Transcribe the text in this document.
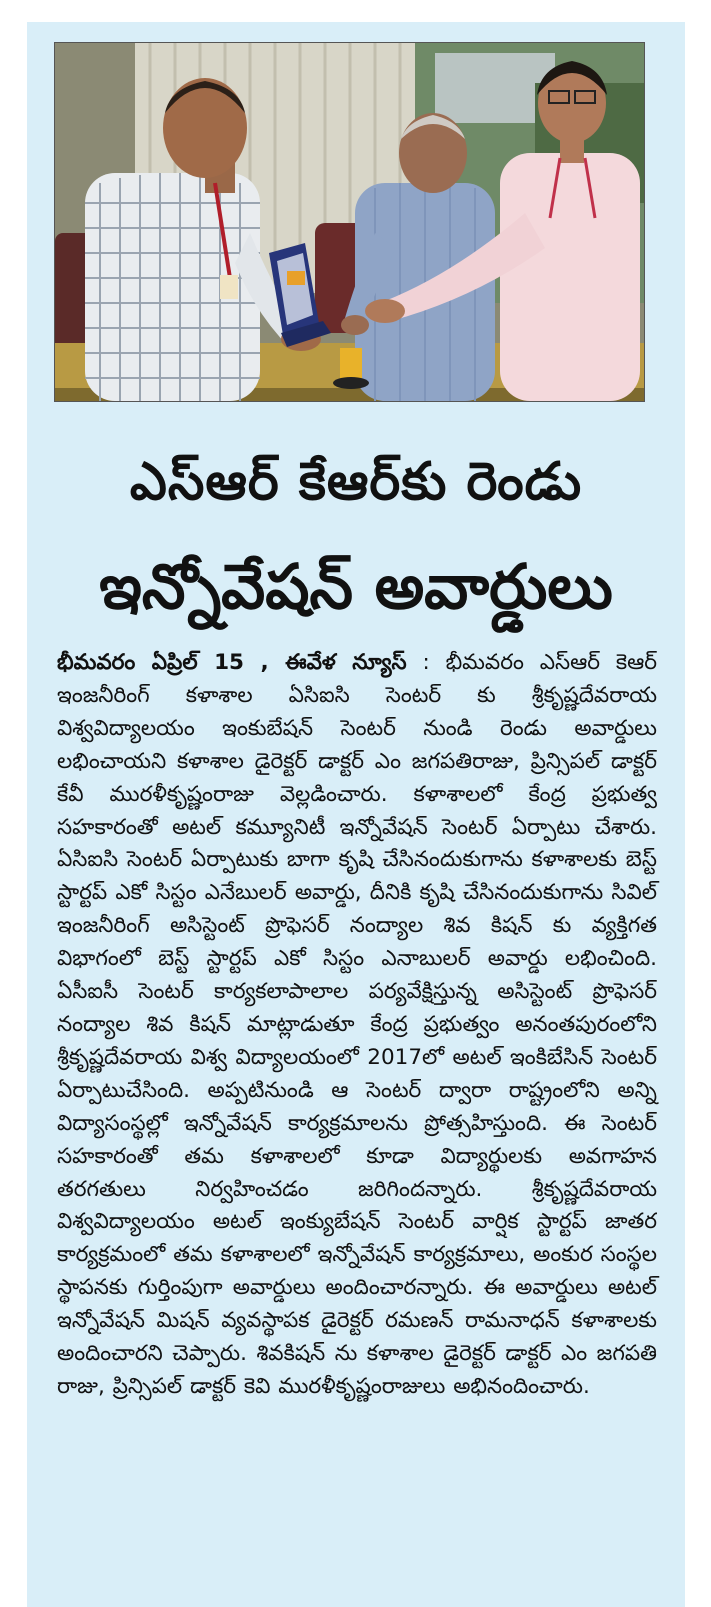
ఎస్‌ఆర్ కేఆర్‌కు రెండు
ఇన్నోవేషన్ అవార్డులు
భీమవరం ఏప్రిల్ 15 , ఈవేళ న్యూస్ : భీమవరం ఎస్ఆర్ కెఆర్ ఇంజనీరింగ్ కళాశాల ఏసిఐసి సెంటర్ కు శ్రీకృష్ణదేవరాయ విశ్వవిద్యాలయం ఇంకుబేషన్ సెంటర్ నుండి రెండు అవార్డులు లభించాయని కళాశాల డైరెక్టర్ డాక్టర్ ఎం జగపతిరాజు, ప్రిన్సిపల్ డాక్టర్ కేవీ మురళీకృష్ణంరాజు వెల్లడించారు. కళాశాలలో కేంద్ర ప్రభుత్వ సహకారంతో అటల్ కమ్యూనిటీ ఇన్నోవేషన్ సెంటర్ ఏర్పాటు చేశారు. ఏసిఐసి సెంటర్ ఏర్పాటుకు బాగా కృషి చేసినందుకుగాను కళాశాలకు బెస్ట్ స్టార్టప్ ఎకో సిస్టం ఎనేబులర్ అవార్డు, దీనికి కృషి చేసినందుకుగాను సివిల్ ఇంజనీరింగ్ అసిస్టెంట్ ప్రొఫెసర్ నంద్యాల శివ కిషన్ కు వ్యక్తిగత విభాగంలో బెస్ట్ స్టార్టప్ ఎకో సిస్టం ఎనాబులర్ అవార్డు లభించింది. ఏసీఐసీ సెంటర్ కార్యకలాపాలాల పర్యవేక్షిస్తున్న అసిస్టెంట్ ప్రొఫెసర్ నంద్యాల శివ కిషన్ మాట్లాడుతూ కేంద్ర ప్రభుత్వం అనంతపురంలోని శ్రీకృష్ణదేవరాయ విశ్వ విద్యాలయంలో 2017లో అటల్ ఇంకిబేసిన్ సెంటర్ ఏర్పాటుచేసింది. అప్పటినుండి ఆ సెంటర్ ద్వారా రాష్ట్రంలోని అన్ని విద్యాసంస్థల్లో ఇన్నోవేషన్ కార్యక్రమాలను ప్రోత్సహిస్తుంది. ఈ సెంటర్ సహకారంతో తమ కళాశాలలో కూడా విద్యార్థులకు అవగాహన తరగతులు నిర్వహించడం జరిగిందన్నారు. శ్రీకృష్ణదేవరాయ విశ్వవిద్యాలయం అటల్ ఇంక్యుబేషన్ సెంటర్ వార్షిక స్టార్టప్ జాతర కార్యక్రమంలో తమ కళాశాలలో ఇన్నోవేషన్ కార్యక్రమాలు, అంకుర సంస్థల స్థాపనకు గుర్తింపుగా అవార్డులు అందించారన్నారు. ఈ అవార్డులు అటల్ ఇన్నోవేషన్ మిషన్ వ్యవస్థాపక డైరెక్టర్ రమణన్ రామనాధన్ కళాశాలకు అందించారని చెప్పారు. శివకిషన్ ను కళాశాల డైరెక్టర్ డాక్టర్ ఎం జగపతి రాజు, ప్రిన్సిపల్ డాక్టర్ కెవి మురళీకృష్ణంరాజులు అభినందించారు.
